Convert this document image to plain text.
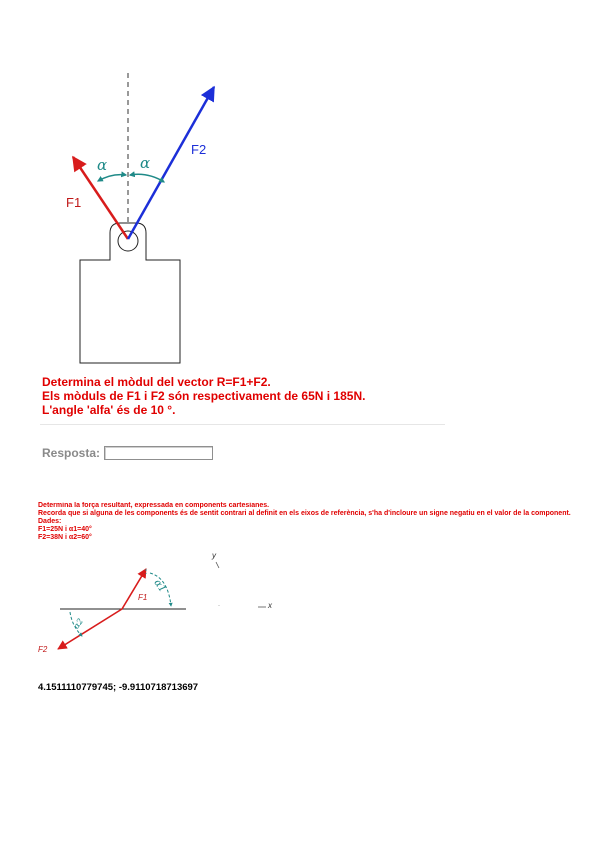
α α
F1
F2
Determina el mòdul del vector R=F1+F2.
Els mòduls de F1 i F2 són respectivament de 65N i 185N.
L'angle 'alfa' és de 10 °.
Resposta:
Determina la força resultant, expressada en components cartesianes.
Recorda que si alguna de les components és de sentit contrari al definit en els eixos de referència, s'ha d'incloure un signe negatiu en el valor de la component.
Dades:
F1=25N i α1=40°
F2=38N i α2=60°
F1
F2
α1
α2
y
x
4.1511110779745; -9.9110718713697
